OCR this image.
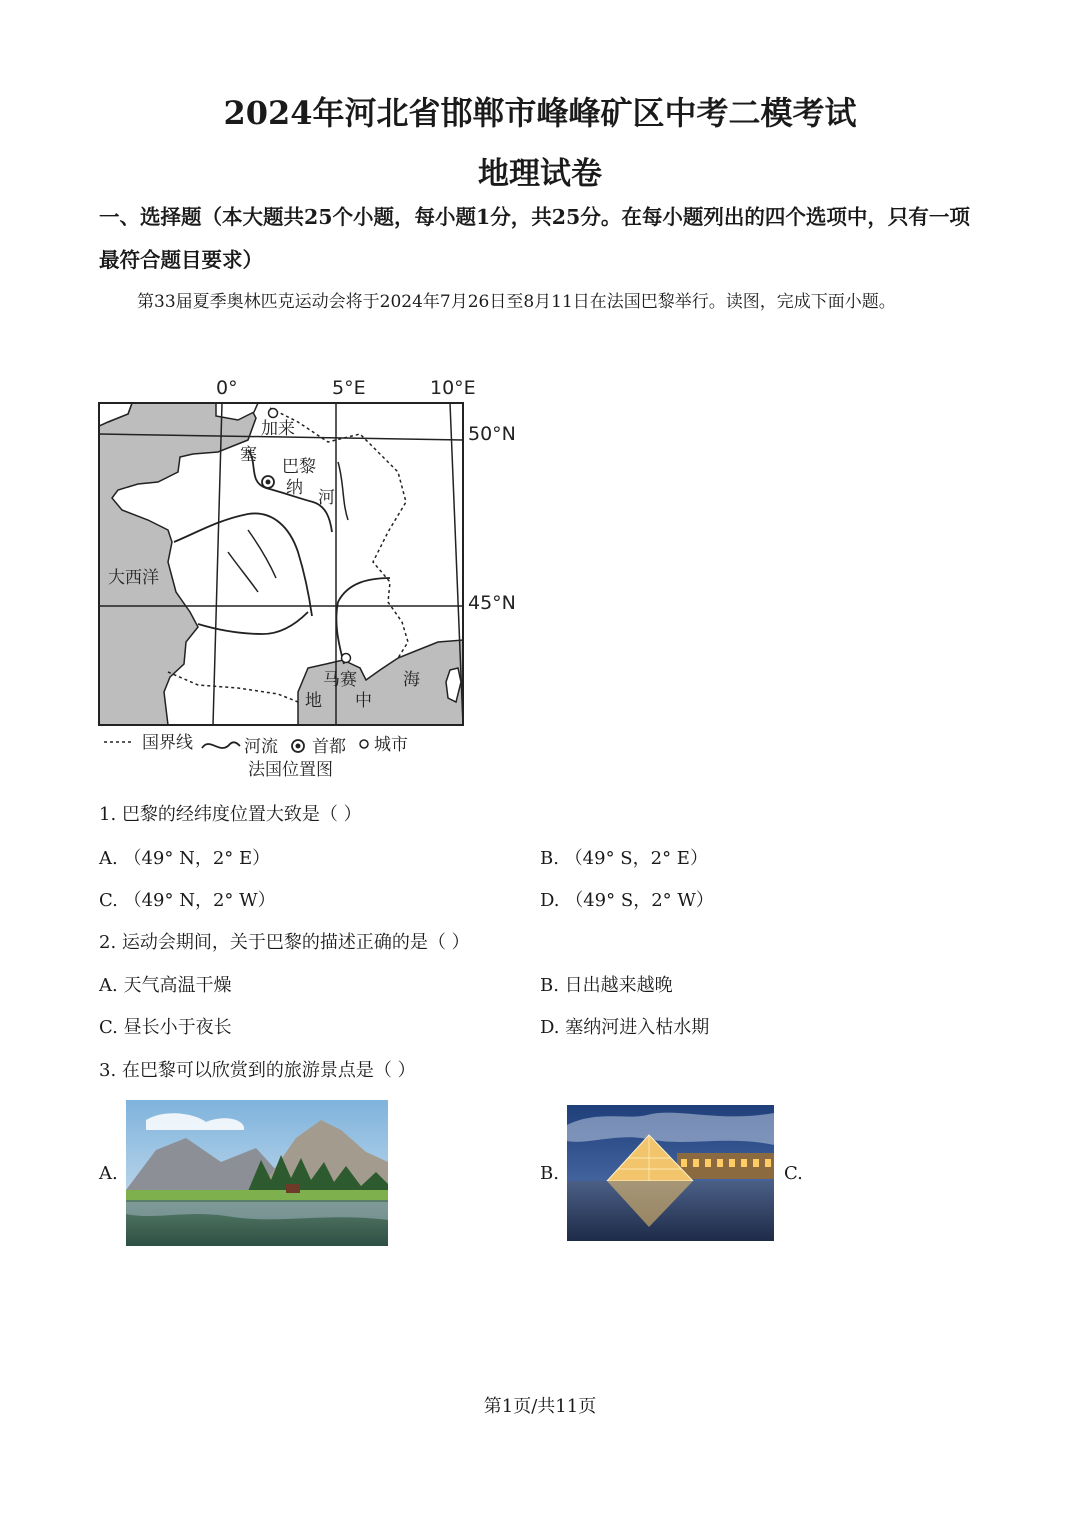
2024年河北省邯郸市峰峰矿区中考二模考试
地理试卷
一、选择题（本大题共25个小题，每小题1分，共25分。在每小题列出的四个选项中，只有一项最符合题目要求）
第33届夏季奥林匹克运动会将于2024年7月26日至8月11日在法国巴黎举行。读图，完成下面小题。
0°	5°E	10°E
加来
塞
巴黎
纳 河
大西洋
马赛	海
地 中
50°N
45°N
国界线	河流 首都 城市
法国位置图
1. 巴黎的经纬度位置大致是（ ）
A. （49° N，2° E）	B. （49° S，2° E）
C. （49° N，2° W）	D. （49° S，2° W）
2. 运动会期间，关于巴黎的描述正确的是（ ）
A. 天气高温干燥	B. 日出越来越晚
C. 昼长小于夜长	D. 塞纳河进入枯水期
3. 在巴黎可以欣赏到的旅游景点是（ ）
A.	B.	C.
第1页/共11页
